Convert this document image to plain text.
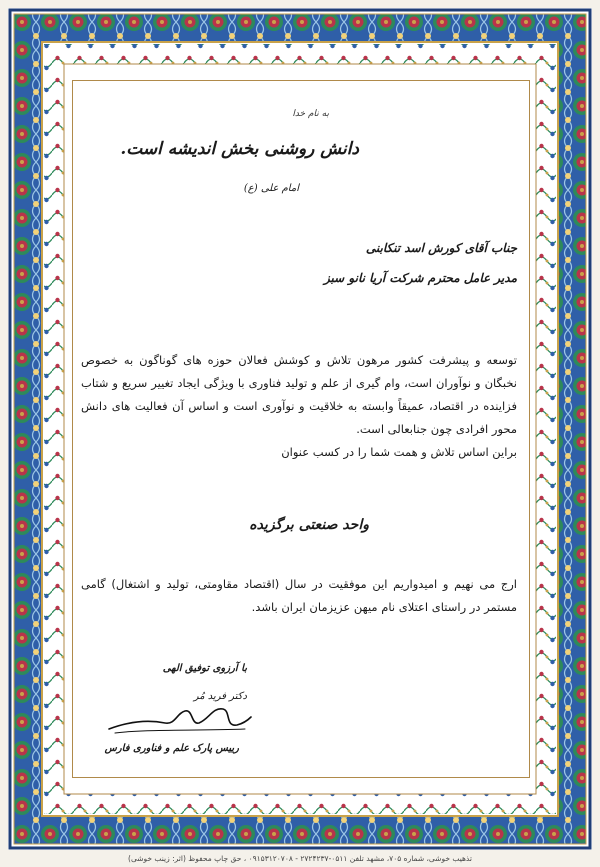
به نام خدا
دانش روشنی بخش اندیشه است.
امام علی (ع)
جناب آقای کورش اسد تنکابنی
مدیر عامل محترم شرکت آریا نانو سبز
توسعه و پیشرفت کشور مرهون تلاش و کوشش فعالان حوزه های گوناگون به خصوص نخبگان و نوآوران است، وام گیری از علم و تولید فناوری با ویژگی ایجاد تغییر سریع و شتاب فزاینده در اقتصاد، عمیقاً وابسته به خلاقیت و نوآوری است و اساس آن فعالیت های دانش محور افرادی چون جنابعالی است.
براین اساس تلاش و همت شما را در کسب عنوان
واحد صنعتی برگزیده
ارج می نهیم و امیدواریم این موفقیت در سال (اقتصاد مقاومتی، تولید و اشتغال) گامی مستمر در راستای اعتلای نام میهن عزیزمان ایران باشد.
با آرزوی توفیق الهی
دکتر فرید مُر
رییس پارک علم و فناوری فارس
تذهیب خوشی، شماره ۷۰۵، مشهد تلفن ۰۵۱۱-۲۷۲۴۲۳۷ - ۰۹۱۵۳۱۲۰۷۰۸ ، حق چاپ محفوظ (اثر: زینب خوشی)
